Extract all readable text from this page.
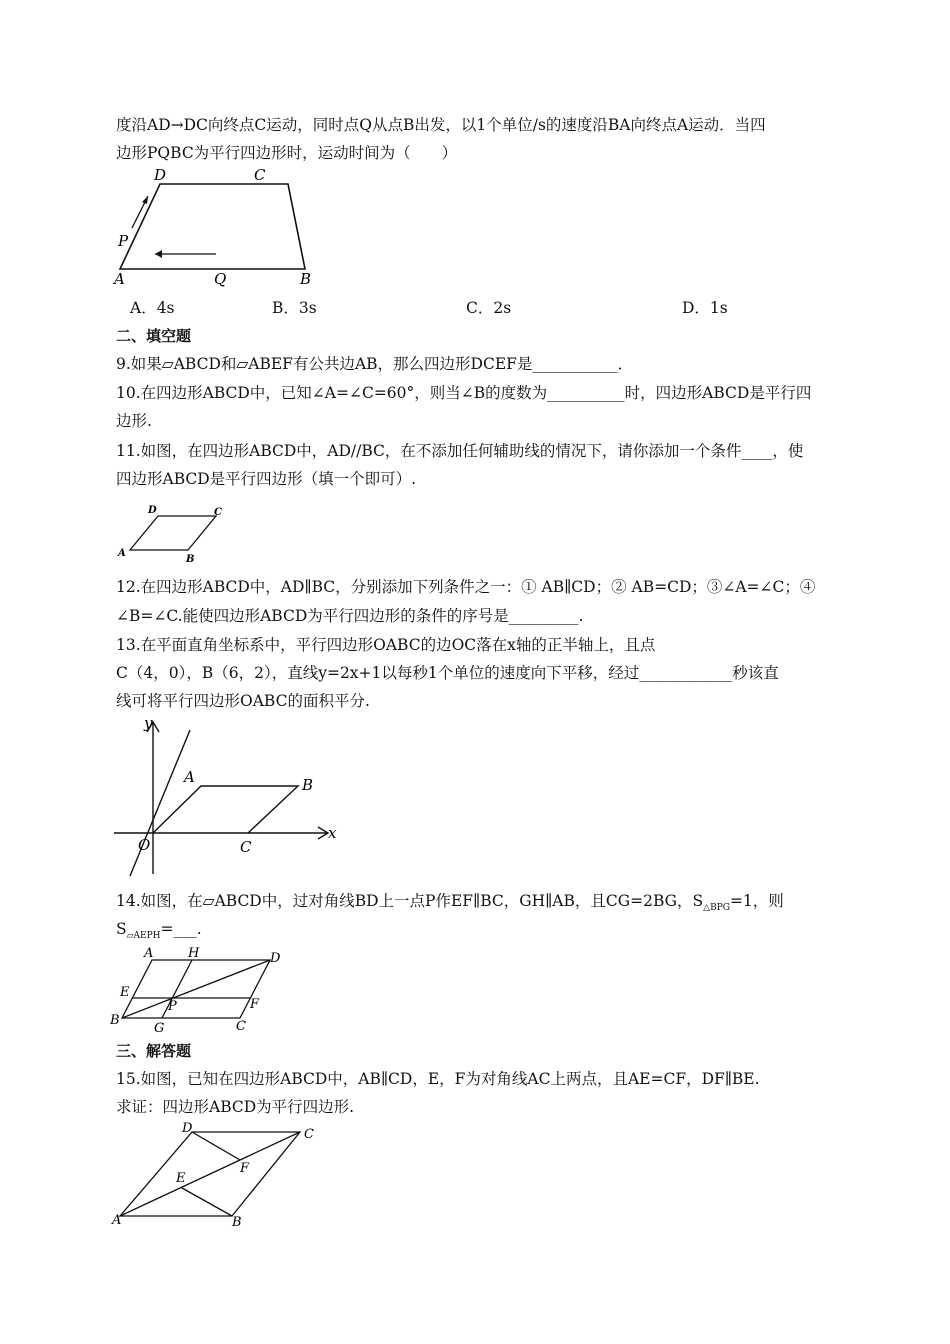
度沿AD→DC向终点C运动，同时点Q从点B出发，以1个单位/s的速度沿BA向终点A运动．当四
边形PQBC为平行四边形时，运动时间为（　　）
D	C
P
A	Q	B
A．4s	B．3s	C．2s	D．1s
二、填空题
9.如果▱ABCD和▱ABEF有公共边AB，那么四边形DCEF是___________．
10.在四边形ABCD中，已知∠A=∠C=60°，则当∠B的度数为__________时，四边形ABCD是平行四
边形.
11.如图，在四边形ABCD中，AD//BC，在不添加任何辅助线的情况下，请你添加一个条件____，使
四边形ABCD是平行四边形（填一个即可）.
D	C
A
B
12.在四边形ABCD中，AD∥BC，分别添加下列条件之一：① AB∥CD；② AB=CD；③∠A=∠C；④
∠B=∠C.能使四边形ABCD为平行四边形的条件的序号是_________.
13.在平面直角坐标系中，平行四边形OABC的边OC落在x轴的正半轴上，且点
C（4，0），B（6，2），直线y=2x+1以每秒1个单位的速度向下平移，经过____________秒该直
线可将平行四边形OABC的面积平分.
y
x
A	B
O	C
14.如图，在▱ABCD中，过对角线BD上一点P作EF∥BC，GH∥AB，且CG=2BG，$S_{\triangle BPG}=1$，则
$S_{▱AEPH}=\_\_\_$.
A	H	D
E
P	F
B
G	C
三、解答题
15.如图，已知在四边形ABCD中，AB∥CD，E，F为对角线AC上两点，且AE=CF，DF∥BE.
求证：四边形ABCD为平行四边形.
D	C
F
E
A	B
